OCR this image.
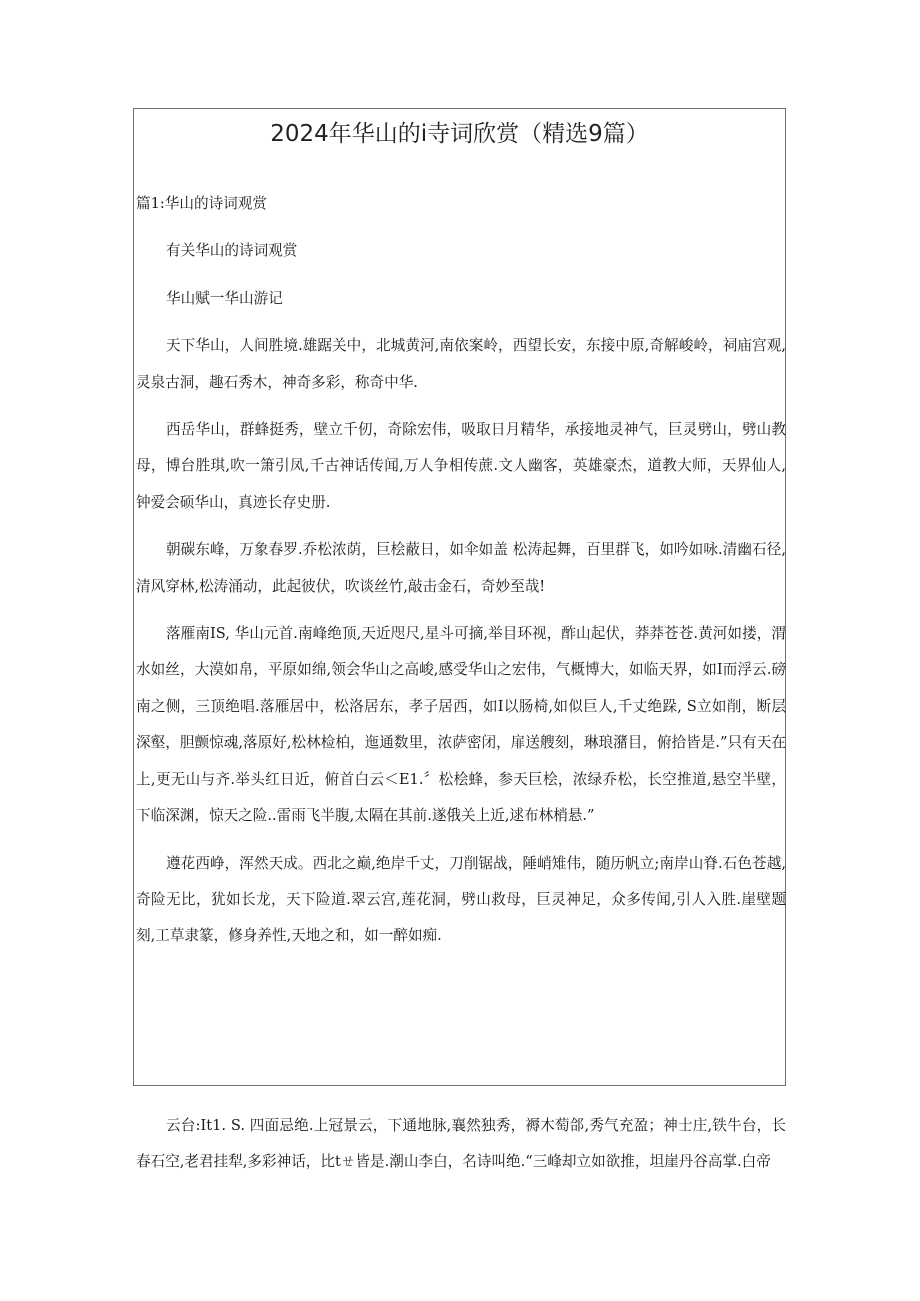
2024年华山的i寺词欣赏（精选9篇）

篇1:华山的诗词观赏

有关华山的诗词观赏

华山赋一华山游记

天下华山，人间胜境.雄踞关中，北城黄河,南依案岭，西望长安，东接中原,奇解峻岭，祠庙宫观,灵泉古洞，趣石秀木，神奇多彩，称奇中华.

西岳华山，群蜂挺秀，壁立千仞，奇除宏伟，吸取日月精华，承接地灵神气，巨灵劈山，劈山教母，博台胜琪,吹一箫引凤,千古神话传闻,万人争相传蔗.文人幽客，英雄豪杰，道教大师，天界仙人,钟爱会硕华山，真迹长存史册.

朝碳东峰，万象春罗.乔松浓荫，巨桧蔽日，如伞如盖 松涛起舞，百里群飞，如吟如咏.清幽石径,清风穿林,松涛涌动，此起彼伏，吹谈丝竹,敲击金石，奇妙至哉!

落雁南IS, 华山元首.南峰绝顶,天近咫尺,星斗可摘,举目环视，酢山起伏，莽莽苍苍.黄河如搂，渭水如丝，大漠如帛，平原如绵,领会华山之高峻,感受华山之宏伟，气概博大，如临天界，如I而浮云.磅南之侧，三顶绝唱.落雁居中，松洛居东，孝子居西，如I以肠椅,如似巨人,千丈绝跺, S立如削，断层深壑，胆颤惊魂,落原好,松林检柏，迤通数里，浓萨密闭，扉送艘刻，琳琅潴目，俯拾皆是.”只有天在上,更无山与齐.举头红日近，俯首白云＜E1.〞松桧蜂，参天巨桧，浓绿乔松，长空推道,悬空半壁，下临深渊，惊天之险..雷雨飞半腹,太隔在其前.遂俄关上近,逑布林梢悬.”

遵花西峥，浑然天成。西北之巅,绝岸千丈，刀削锯战，陲峭雉伟，随历帆立;南岸山脊.石色苍越,奇险无比，犹如长龙，天下险道.翠云宫,莲花洞，劈山救母，巨灵神足，众多传闻,引人入胜.崖壁题刻,工草隶篆，修身养性,天地之和，如一醉如痴.

云台:It1. S. 四面忌绝.上冠景云，下通地脉,襄然独秀，褥木萄郃,秀气充盈；神士庄,铁牛台，长春石空,老君挂犁,多彩神话，比tㄝ皆是.潮山李白，名诗叫绝.“三峰却立如欲推，坦崖丹谷高掌.白帝
